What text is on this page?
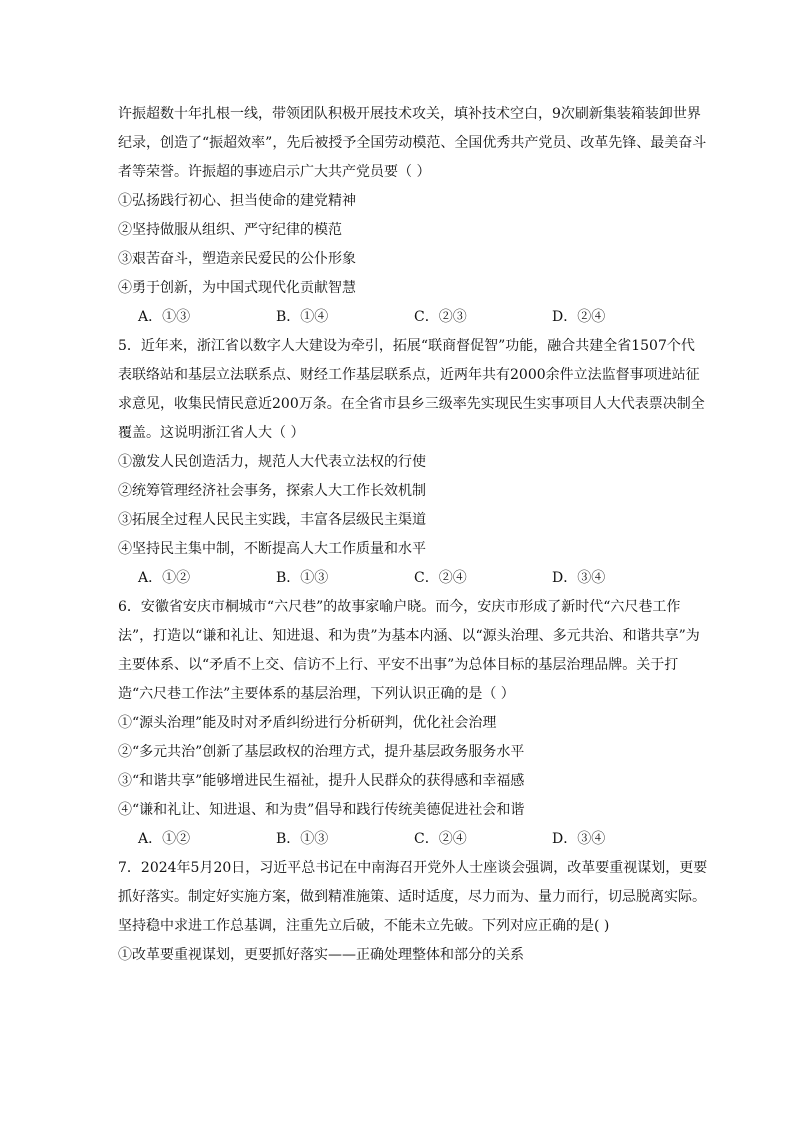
许振超数十年扎根一线，带领团队积极开展技术攻关，填补技术空白，9次刷新集装箱装卸世界纪录，创造了“振超效率”，先后被授予全国劳动模范、全国优秀共产党员、改革先锋、最美奋斗者等荣誉。许振超的事迹启示广大共产党员要（ ）

①弘扬践行初心、担当使命的建党精神

②坚持做服从组织、严守纪律的模范

③艰苦奋斗，塑造亲民爱民的公仆形象

④勇于创新，为中国式现代化贡献智慧

A．①③	B．①④	C．②③	D．②④

5．近年来，浙江省以数字人大建设为牵引，拓展“联商督促智”功能，融合共建全省1507个代表联络站和基层立法联系点、财经工作基层联系点，近两年共有2000余件立法监督事项进站征求意见，收集民情民意近200万条。在全省市县乡三级率先实现民生实事项目人大代表票决制全覆盖。这说明浙江省人大（ ）

①激发人民创造活力，规范人大代表立法权的行使

②统筹管理经济社会事务，探索人大工作长效机制

③拓展全过程人民民主实践，丰富各层级民主渠道

④坚持民主集中制，不断提高人大工作质量和水平

A．①②	B．①③	C．②④	D．③④

6．安徽省安庆市桐城市“六尺巷”的故事家喻户晓。而今，安庆市形成了新时代“六尺巷工作法”，打造以“谦和礼让、知进退、和为贵”为基本内涵、以“源头治理、多元共治、和谐共享”为主要体系、以“矛盾不上交、信访不上行、平安不出事”为总体目标的基层治理品牌。关于打造“六尺巷工作法”主要体系的基层治理，下列认识正确的是（ ）

①“源头治理”能及时对矛盾纠纷进行分析研判，优化社会治理

②“多元共治”创新了基层政权的治理方式，提升基层政务服务水平

③“和谐共享”能够增进民生福祉，提升人民群众的获得感和幸福感

④“谦和礼让、知进退、和为贵”倡导和践行传统美德促进社会和谐

A．①②	B．①③	C．②④	D．③④

7．2024年5月20日，习近平总书记在中南海召开党外人士座谈会强调，改革要重视谋划，更要抓好落实。制定好实施方案，做到精准施策、适时适度，尽力而为、量力而行，切忌脱离实际。坚持稳中求进工作总基调，注重先立后破，不能未立先破。下列对应正确的是( )

①改革要重视谋划，更要抓好落实——正确处理整体和部分的关系
